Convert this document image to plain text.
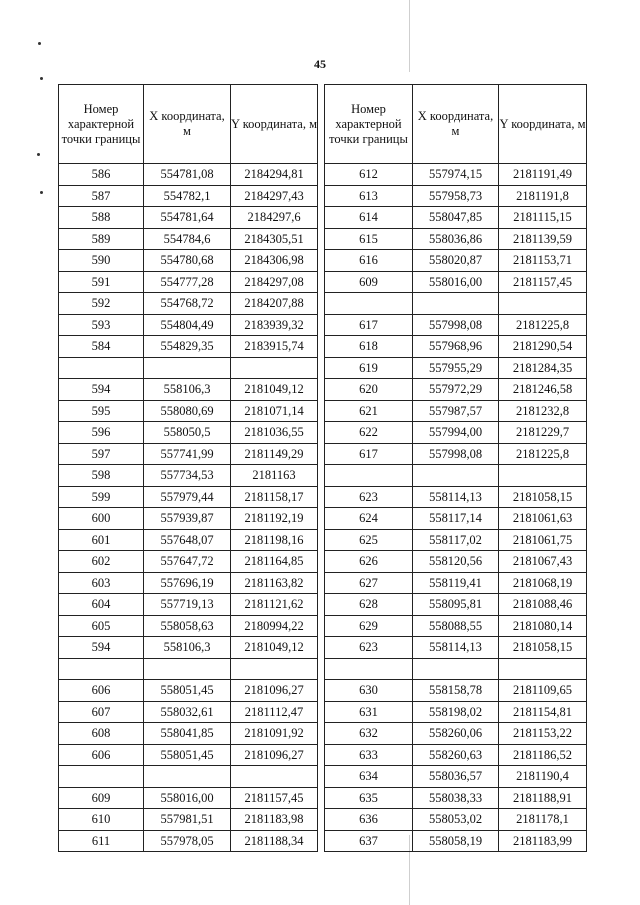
45
Номер характерной точки границы	X координата, м	Y координата, м
586	554781,08	2184294,81
587	554782,1	2184297,43
588	554781,64	2184297,6
589	554784,6	2184305,51
590	554780,68	2184306,98
591	554777,28	2184297,08
592	554768,72	2184207,88
593	554804,49	2183939,32
584	554829,35	2183915,74

594	558106,3	2181049,12
595	558080,69	2181071,14
596	558050,5	2181036,55
597	557741,99	2181149,29
598	557734,53	2181163
599	557979,44	2181158,17
600	557939,87	2181192,19
601	557648,07	2181198,16
602	557647,72	2181164,85
603	557696,19	2181163,82
604	557719,13	2181121,62
605	558058,63	2180994,22
594	558106,3	2181049,12

606	558051,45	2181096,27
607	558032,61	2181112,47
608	558041,85	2181091,92
606	558051,45	2181096,27

609	558016,00	2181157,45
610	557981,51	2181183,98
611	557978,05	2181188,34
Номер характерной точки границы	X координата, м	Y координата, м
612	557974,15	2181191,49
613	557958,73	2181191,8
614	558047,85	2181115,15
615	558036,86	2181139,59
616	558020,87	2181153,71
609	558016,00	2181157,45

617	557998,08	2181225,8
618	557968,96	2181290,54
619	557955,29	2181284,35
620	557972,29	2181246,58
621	557987,57	2181232,8
622	557994,00	2181229,7
617	557998,08	2181225,8

623	558114,13	2181058,15
624	558117,14	2181061,63
625	558117,02	2181061,75
626	558120,56	2181067,43
627	558119,41	2181068,19
628	558095,81	2181088,46
629	558088,55	2181080,14
623	558114,13	2181058,15

630	558158,78	2181109,65
631	558198,02	2181154,81
632	558260,06	2181153,22
633	558260,63	2181186,52
634	558036,57	2181190,4
635	558038,33	2181188,91
636	558053,02	2181178,1
637	558058,19	2181183,99
